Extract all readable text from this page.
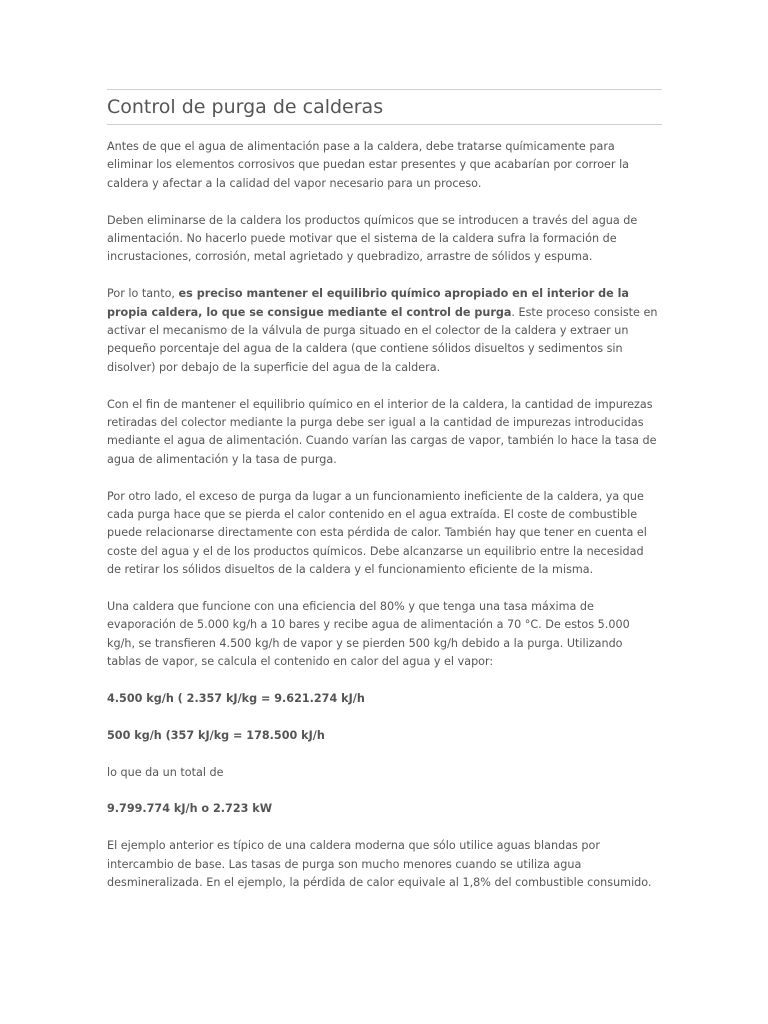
Control de purga de calderas

Antes de que el agua de alimentación pase a la caldera, debe tratarse químicamente para eliminar los elementos corrosivos que puedan estar presentes y que acabarían por corroer la caldera y afectar a la calidad del vapor necesario para un proceso.

Deben eliminarse de la caldera los productos químicos que se introducen a través del agua de alimentación. No hacerlo puede motivar que el sistema de la caldera sufra la formación de incrustaciones, corrosión, metal agrietado y quebradizo, arrastre de sólidos y espuma.

Por lo tanto, es preciso mantener el equilibrio químico apropiado en el interior de la propia caldera, lo que se consigue mediante el control de purga. Este proceso consiste en activar el mecanismo de la válvula de purga situado en el colector de la caldera y extraer un pequeño porcentaje del agua de la caldera (que contiene sólidos disueltos y sedimentos sin disolver) por debajo de la superficie del agua de la caldera.

Con el fin de mantener el equilibrio químico en el interior de la caldera, la cantidad de impurezas retiradas del colector mediante la purga debe ser igual a la cantidad de impurezas introducidas mediante el agua de alimentación. Cuando varían las cargas de vapor, también lo hace la tasa de agua de alimentación y la tasa de purga.

Por otro lado, el exceso de purga da lugar a un funcionamiento ineficiente de la caldera, ya que cada purga hace que se pierda el calor contenido en el agua extraída. El coste de combustible puede relacionarse directamente con esta pérdida de calor. También hay que tener en cuenta el coste del agua y el de los productos químicos. Debe alcanzarse un equilibrio entre la necesidad de retirar los sólidos disueltos de la caldera y el funcionamiento eficiente de la misma.

Una caldera que funcione con una eficiencia del 80% y que tenga una tasa máxima de evaporación de 5.000 kg/h a 10 bares y recibe agua de alimentación a 70 °C. De estos 5.000 kg/h, se transfieren 4.500 kg/h de vapor y se pierden 500 kg/h debido a la purga. Utilizando tablas de vapor, se calcula el contenido en calor del agua y el vapor:

4.500 kg/h ( 2.357 kJ/kg = 9.621.274 kJ/h

500 kg/h (357 kJ/kg = 178.500 kJ/h

lo que da un total de

9.799.774 kJ/h o 2.723 kW

El ejemplo anterior es típico de una caldera moderna que sólo utilice aguas blandas por intercambio de base. Las tasas de purga son mucho menores cuando se utiliza agua desmineralizada. En el ejemplo, la pérdida de calor equivale al 1,8% del combustible consumido.
